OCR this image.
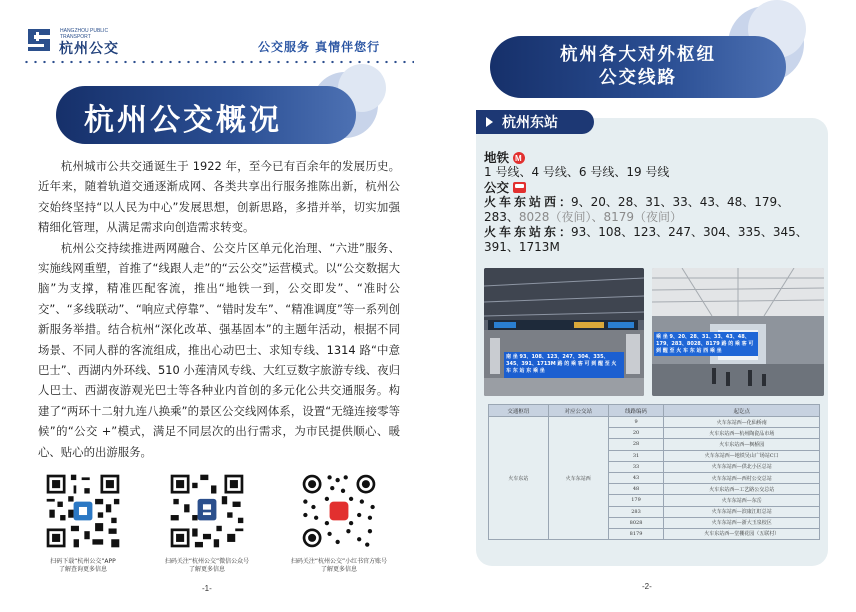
HANGZHOU PUBLIC TRANSPORT
杭州公交	公交服务 真情伴您行
杭州公交概况

杭州城市公共交通诞生于 1922 年，至今已有百余年的发展历史。近年来，随着轨道交通逐渐成网、各类共享出行服务推陈出新，杭州公交始终坚持“以人民为中心”发展思想，创新思路，多措并举，切实加强精细化管理，从满足需求向创造需求转变。

杭州公交持续推进两网融合、公交片区单元化治理、“六进”服务、实施线网重塑，首推了“线跟人走”的“云公交”运营模式。以“公交数据大脑”为支撑，精准匹配客流，推出“地铁一到，公交即发”、“准时公交”、“多线联动”、“响应式停靠”、“错时发车”、“精准调度”等一系列创新服务举措。结合杭州“深化改革、强基固本”的主题年活动，根据不同场景、不同人群的客流组成，推出心动巴士、求知专线、1314 路“中意巴士”、西湖内外环线、510 小莲清风专线、大红豆数字旅游专线、夜归人巴士、西湖夜游观光巴士等各种业内首创的多元化公共交通服务。构建了“两环十二射九连八换乘”的景区公交线网体系，设置“无缝连接零等候”的“公交 +”模式，满足不同层次的出行需求，为市民提供顺心、暖心、贴心的出游服务。

扫码下载“杭州公交”APP
了解查询更多信息
扫码关注“杭州公交”微信公众号
了解更多信息
扫码关注“杭州公交”小红书官方账号
了解更多信息
-1-
杭州各大对外枢纽
公交线路
杭州东站
地铁
M
1 号线、4 号线、6 号线、19 号线
公交
火车东站西：9、20、28、31、33、43、48、179、283、8028（夜间）、8179（夜间）
火车东站东：93、108、123、247、304、335、345、391、1713M
南 坐 93、108、123、247、304、335、345、391、1713M 路 的 乘 客 可 到 醒 至 火 车 东 站 东 乘 坐
乘 坐 9、20、28、31、33、43、48、179、283、8028、8179 路 的 乘 客 可 到 醒 至 火 车 东 站 西 乘 坐
交通枢纽	对应公交站	线路编码	起讫点
火车东站	火车东站西	9	火车东站西—化仙桥南
		20	火车东站西—杭州陶瓷品市场
		28	火车东站西—枫桥园
		31	火车东站西—地铁吴山广场站C口
		33	火车东站西—供北小区总站
		43	火车东站西—西村公交总站
		48	火车东站西—工艺路公交总站
		179	火车东站西—东岳
		283	火车东站西—滨康江虹总站
		8028	火车东站西—浙大玉泉校区
		8179	火车东站西—堂棚花园（五联村）
-2-
